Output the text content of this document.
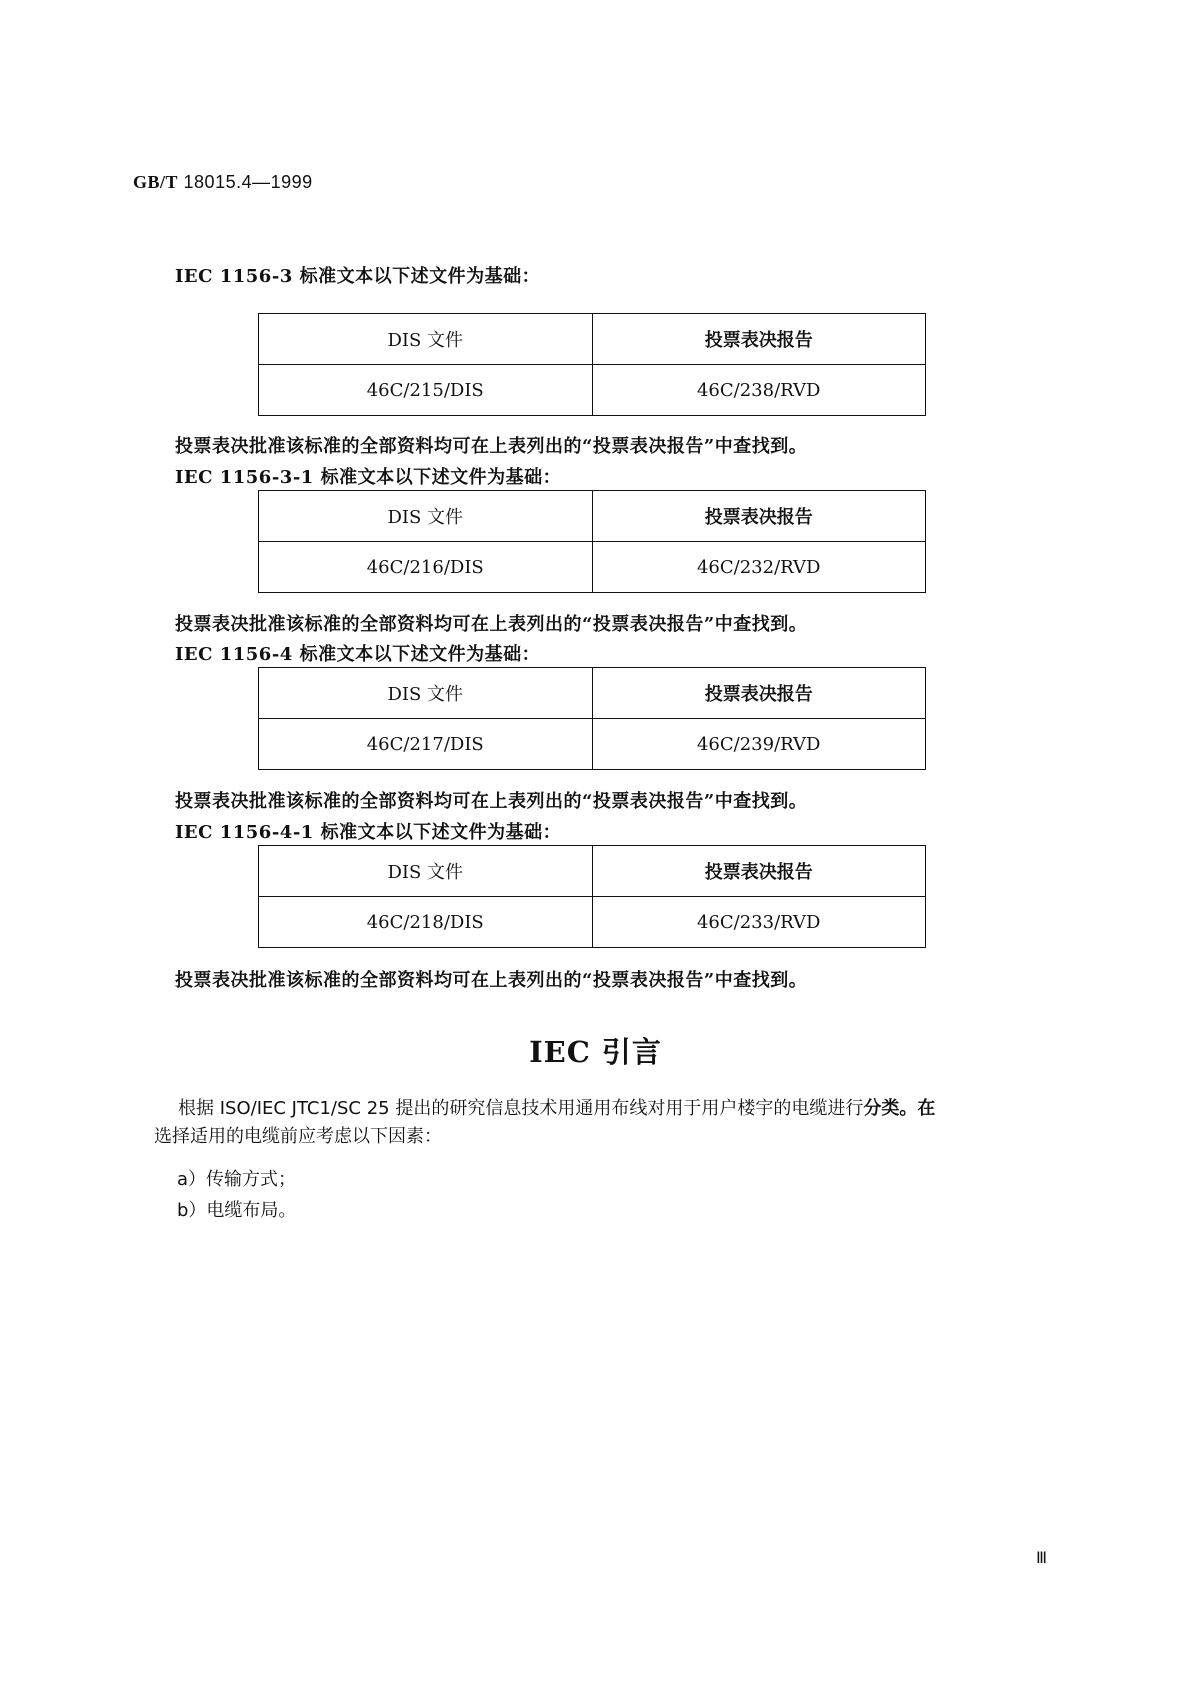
GB/T 18015.4—1999
IEC 1156-3 标准文本以下述文件为基础：
DIS 文件	投票表决报告
46C/215/DIS	46C/238/RVD
投票表决批准该标准的全部资料均可在上表列出的“投票表决报告”中查找到。
IEC 1156-3-1 标准文本以下述文件为基础：
DIS 文件	投票表决报告
46C/216/DIS	46C/232/RVD
投票表决批准该标准的全部资料均可在上表列出的“投票表决报告”中查找到。
IEC 1156-4 标准文本以下述文件为基础：
DIS 文件	投票表决报告
46C/217/DIS	46C/239/RVD
投票表决批准该标准的全部资料均可在上表列出的“投票表决报告”中查找到。
IEC 1156-4-1 标准文本以下述文件为基础：
DIS 文件	投票表决报告
46C/218/DIS	46C/233/RVD
投票表决批准该标准的全部资料均可在上表列出的“投票表决报告”中查找到。
IEC 引言
根据 ISO/IEC JTC1/SC 25 提出的研究信息技术用通用布线对用于用户楼宇的电缆进行分类。在
选择适用的电缆前应考虑以下因素：
a）传输方式；
b）电缆布局。
Ⅲ
